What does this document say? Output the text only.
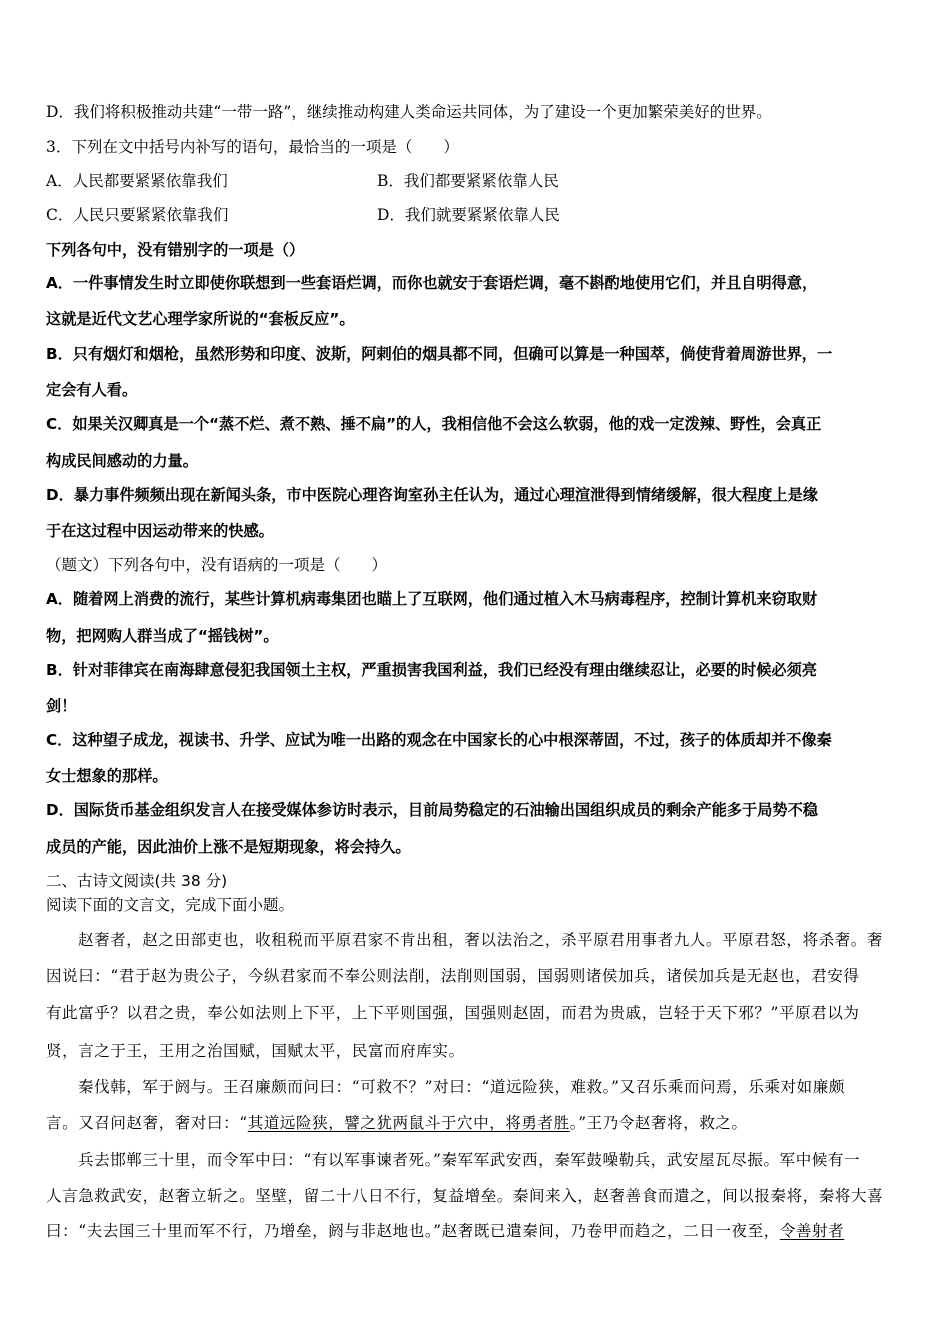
D．我们将积极推动共建“一带一路”，继续推动构建人类命运共同体，为了建设一个更加繁荣美好的世界。
3．下列在文中括号内补写的语句，最恰当的一项是（　　）
A．人民都要紧紧依靠我们	B．我们都要紧紧依靠人民
C．人民只要紧紧依靠我们	D．我们就要紧紧依靠人民
下列各句中，没有错别字的一项是（）
A．一件事情发生时立即使你联想到一些套语烂调，而你也就安于套语烂调，毫不斟酌地使用它们，并且自明得意，
这就是近代文艺心理学家所说的“套板反应”。
B．只有烟灯和烟枪，虽然形势和印度、波斯，阿剌伯的烟具都不同，但确可以算是一种国萃，倘使背着周游世界，一
定会有人看。
C．如果关汉卿真是一个“蒸不烂、煮不熟、捶不扁”的人，我相信他不会这么软弱，他的戏一定泼辣、野性，会真正
构成民间感动的力量。
D．暴力事件频频出现在新闻头条，市中医院心理咨询室孙主任认为，通过心理渲泄得到情绪缓解，很大程度上是缘
于在这过程中因运动带来的快感。
（题文）下列各句中，没有语病的一项是（　　）
A．随着网上消费的流行，某些计算机病毒集团也瞄上了互联网，他们通过植入木马病毒程序，控制计算机来窃取财
物，把网购人群当成了“摇钱树”。
B．针对菲律宾在南海肆意侵犯我国领土主权，严重损害我国利益，我们已经没有理由继续忍让，必要的时候必须亮
剑！
C．这种望子成龙，视读书、升学、应试为唯一出路的观念在中国家长的心中根深蒂固，不过，孩子的体质却并不像秦
女士想象的那样。
D．国际货币基金组织发言人在接受媒体参访时表示，目前局势稳定的石油输出国组织成员的剩余产能多于局势不稳
成员的产能，因此油价上涨不是短期现象，将会持久。
二、古诗文阅读(共 38 分)
阅读下面的文言文，完成下面小题。
赵奢者，赵之田部吏也，收租税而平原君家不肯出租，奢以法治之，杀平原君用事者九人。平原君怒，将杀奢。奢
因说曰：“君于赵为贵公子，今纵君家而不奉公则法削，法削则国弱，国弱则诸侯加兵，诸侯加兵是无赵也，君安得
有此富乎？以君之贵，奉公如法则上下平，上下平则国强，国强则赵固，而君为贵戚，岂轻于天下邪？”平原君以为
贤，言之于王，王用之治国赋，国赋太平，民富而府库实。
秦伐韩，军于阏与。王召廉颇而问曰：“可救不？”对曰：“道远险狭，难救。”又召乐乘而问焉，乐乘对如廉颇
言。又召问赵奢，奢对曰：“其道远险狭，譬之犹两鼠斗于穴中，将勇者胜。”王乃令赵奢将，救之。
兵去邯郸三十里，而令军中曰：“有以军事谏者死。”秦军军武安西，秦军鼓噪勒兵，武安屋瓦尽振。军中候有一
人言急救武安，赵奢立斩之。坚壁，留二十八日不行，复益增垒。秦间来入，赵奢善食而遣之，间以报秦将，秦将大喜
曰：“夫去国三十里而军不行，乃增垒，阏与非赵地也。”赵奢既已遣秦间，乃卷甲而趋之，二日一夜至，令善射者
